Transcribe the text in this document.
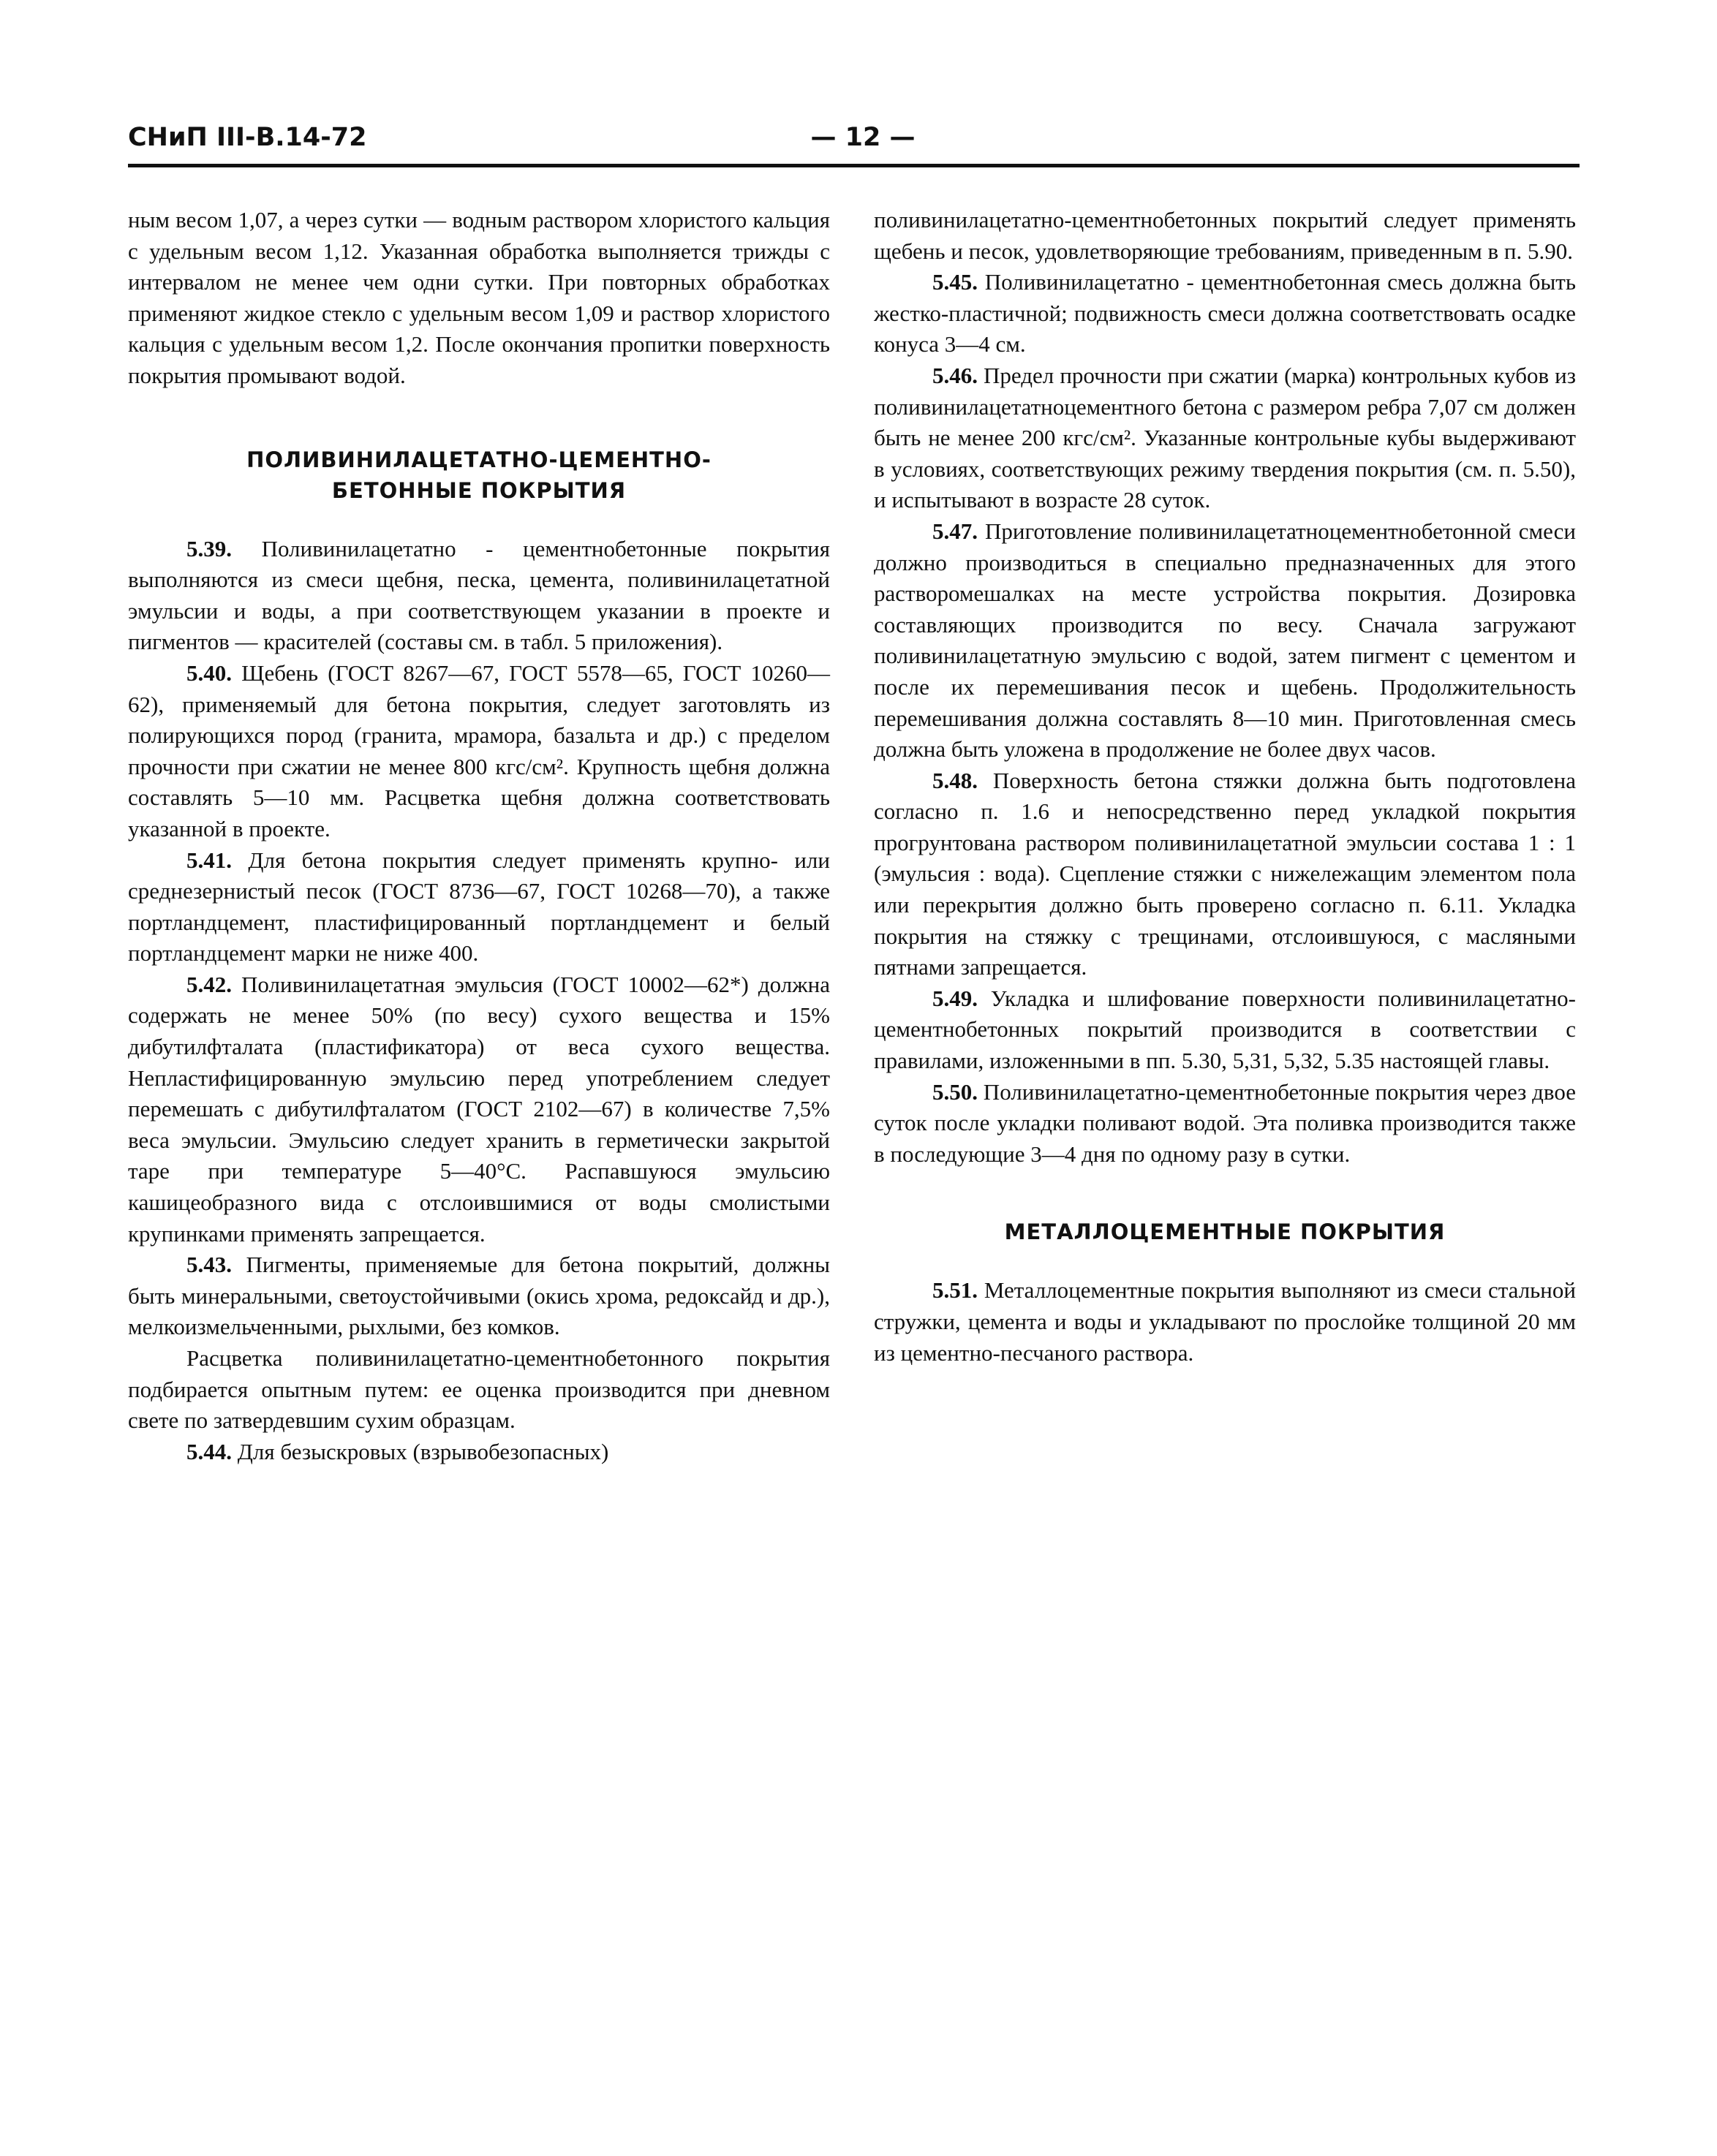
СНиП III-В.14-72	— 12 —

ным весом 1,07, а через сутки — водным раствором хлористого кальция с удельным весом 1,12. Указанная обработка выполняется трижды с интервалом не менее чем одни сутки. При повторных обработках применяют жидкое стекло с удельным весом 1,09 и раствор хлористого кальция с удельным весом 1,2. После окончания пропитки поверхность покрытия промывают водой.

ПОЛИВИНИЛАЦЕТАТНО-ЦЕМЕНТНО-
БЕТОННЫЕ ПОКРЫТИЯ

5.39. Поливинилацетатно - цементнобетонные покрытия выполняются из смеси щебня, песка, цемента, поливинилацетатной эмульсии и воды, а при соответствующем указании в проекте и пигментов — красителей (составы см. в табл. 5 приложения).

5.40. Щебень (ГОСТ 8267—67, ГОСТ 5578—65, ГОСТ 10260—62), применяемый для бетона покрытия, следует заготовлять из полирующихся пород (гранита, мрамора, базальта и др.) с пределом прочности при сжатии не менее 800 кгс/см². Крупность щебня должна составлять 5—10 мм. Расцветка щебня должна соответствовать указанной в проекте.

5.41. Для бетона покрытия следует применять крупно- или среднезернистый песок (ГОСТ 8736—67, ГОСТ 10268—70), а также портландцемент, пластифицированный портландцемент и белый портландцемент марки не ниже 400.

5.42. Поливинилацетатная эмульсия (ГОСТ 10002—62*) должна содержать не менее 50% (по весу) сухого вещества и 15% дибутилфталата (пластификатора) от веса сухого вещества. Непластифицированную эмульсию перед употреблением следует перемешать с дибутилфталатом (ГОСТ 2102—67) в количестве 7,5% веса эмульсии. Эмульсию следует хранить в герметически закрытой таре при температуре 5—40°С. Распавшуюся эмульсию кашицеобразного вида с отслоившимися от воды смолистыми крупинками применять запрещается.

5.43. Пигменты, применяемые для бетона покрытий, должны быть минеральными, светоустойчивыми (окись хрома, редоксайд и др.), мелкоизмельченными, рыхлыми, без комков.

Расцветка поливинилацетатно-цементнобетонного покрытия подбирается опытным путем: ее оценка производится при дневном свете по затвердевшим сухим образцам.

5.44. Для безыскровых (взрывобезопасных)

поливинилацетатно-цементнобетонных покрытий следует применять щебень и песок, удовлетворяющие требованиям, приведенным в п. 5.90.

5.45. Поливинилацетатно - цементнобетонная смесь должна быть жестко-пластичной; подвижность смеси должна соответствовать осадке конуса 3—4 см.

5.46. Предел прочности при сжатии (марка) контрольных кубов из поливинилацетатноцементного бетона с размером ребра 7,07 см должен быть не менее 200 кгс/см². Указанные контрольные кубы выдерживают в условиях, соответствующих режиму твердения покрытия (см. п. 5.50), и испытывают в возрасте 28 суток.

5.47. Приготовление поливинилацетатноцементнобетонной смеси должно производиться в специально предназначенных для этого растворомешалках на месте устройства покрытия. Дозировка составляющих производится по весу. Сначала загружают поливинилацетатную эмульсию с водой, затем пигмент с цементом и после их перемешивания песок и щебень. Продолжительность перемешивания должна составлять 8—10 мин. Приготовленная смесь должна быть уложена в продолжение не более двух часов.

5.48. Поверхность бетона стяжки должна быть подготовлена согласно п. 1.6 и непосредственно перед укладкой покрытия прогрунтована раствором поливинилацетатной эмульсии состава 1 : 1 (эмульсия : вода). Сцепление стяжки с нижележащим элементом пола или перекрытия должно быть проверено согласно п. 6.11. Укладка покрытия на стяжку с трещинами, отслоившуюся, с масляными пятнами запрещается.

5.49. Укладка и шлифование поверхности поливинилацетатно-цементнобетонных покрытий производится в соответствии с правилами, изложенными в пп. 5.30, 5,31, 5,32, 5.35 настоящей главы.

5.50. Поливинилацетатно-цементнобетонные покрытия через двое суток после укладки поливают водой. Эта поливка производится также в последующие 3—4 дня по одному разу в сутки.

МЕТАЛЛОЦЕМЕНТНЫЕ ПОКРЫТИЯ

5.51. Металлоцементные покрытия выполняют из смеси стальной стружки, цемента и воды и укладывают по прослойке толщиной 20 мм из цементно-песчаного раствора.
